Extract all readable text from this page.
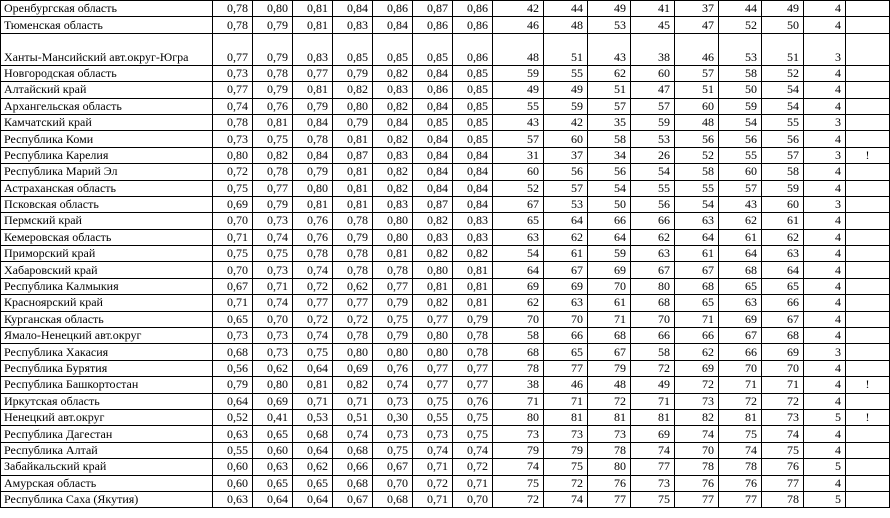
Оренбургская область	0,78	0,80	0,81	0,84	0,86	0,87	0,86	42	44	49	41	37	44	49	4	
Тюменская область	0,78	0,79	0,81	0,83	0,84	0,86	0,86	46	48	53	45	47	52	50	4	
Ханты-Мансийский авт.округ-Югра	0,77	0,79	0,83	0,85	0,85	0,85	0,86	48	51	43	38	46	53	51	3	
Новгородская область	0,73	0,78	0,77	0,79	0,82	0,84	0,85	59	55	62	60	57	58	52	4	
Алтайский край	0,77	0,79	0,81	0,82	0,83	0,86	0,85	49	49	51	47	51	50	54	4	
Архангельская область	0,74	0,76	0,79	0,80	0,82	0,84	0,85	55	59	57	57	60	59	54	4	
Камчатский край	0,78	0,81	0,84	0,79	0,84	0,85	0,85	43	42	35	59	48	54	55	3	
Республика Коми	0,73	0,75	0,78	0,81	0,82	0,84	0,85	57	60	58	53	56	56	56	4	
Республика Карелия	0,80	0,82	0,84	0,87	0,83	0,84	0,84	31	37	34	26	52	55	57	3	!
Республика Марий Эл	0,72	0,78	0,79	0,81	0,82	0,84	0,84	60	56	56	54	58	60	58	4	
Астраханская область	0,75	0,77	0,80	0,81	0,82	0,84	0,84	52	57	54	55	55	57	59	4	
Псковская область	0,69	0,79	0,81	0,81	0,83	0,87	0,84	67	53	50	56	54	43	60	3	
Пермский край	0,70	0,73	0,76	0,78	0,80	0,82	0,83	65	64	66	66	63	62	61	4	
Кемеровская область	0,71	0,74	0,76	0,79	0,80	0,83	0,83	63	62	64	62	64	61	62	4	
Приморский край	0,75	0,75	0,78	0,78	0,81	0,82	0,82	54	61	59	63	61	64	63	4	
Хабаровский край	0,70	0,73	0,74	0,78	0,78	0,80	0,81	64	67	69	67	67	68	64	4	
Республика Калмыкия	0,67	0,71	0,72	0,62	0,77	0,81	0,81	69	69	70	80	68	65	65	4	
Красноярский край	0,71	0,74	0,77	0,77	0,79	0,82	0,81	62	63	61	68	65	63	66	4	
Курганская область	0,65	0,70	0,72	0,72	0,75	0,77	0,79	70	70	71	70	71	69	67	4	
Ямало-Ненецкий авт.округ	0,73	0,73	0,74	0,78	0,79	0,80	0,78	58	66	68	66	66	67	68	4	
Республика Хакасия	0,68	0,73	0,75	0,80	0,80	0,80	0,78	68	65	67	58	62	66	69	3	
Республика Бурятия	0,56	0,62	0,64	0,69	0,76	0,77	0,77	78	77	79	72	69	70	70	4	
Республика Башкортостан	0,79	0,80	0,81	0,82	0,74	0,77	0,77	38	46	48	49	72	71	71	4	!
Иркутская область	0,64	0,69	0,71	0,71	0,73	0,75	0,76	71	71	72	71	73	72	72	4	
Ненецкий авт.округ	0,52	0,41	0,53	0,51	0,30	0,55	0,75	80	81	81	81	82	81	73	5	!
Республика Дагестан	0,63	0,65	0,68	0,74	0,73	0,73	0,75	73	73	73	69	74	75	74	4	
Республика Алтай	0,55	0,60	0,64	0,68	0,75	0,74	0,74	79	79	78	74	70	74	75	4	
Забайкальский край	0,60	0,63	0,62	0,66	0,67	0,71	0,72	74	75	80	77	78	78	76	5	
Амурская область	0,60	0,65	0,65	0,68	0,70	0,72	0,71	75	72	76	73	76	76	77	4	
Республика Саха (Якутия)	0,63	0,64	0,64	0,67	0,68	0,71	0,70	72	74	77	75	77	77	78	5	
